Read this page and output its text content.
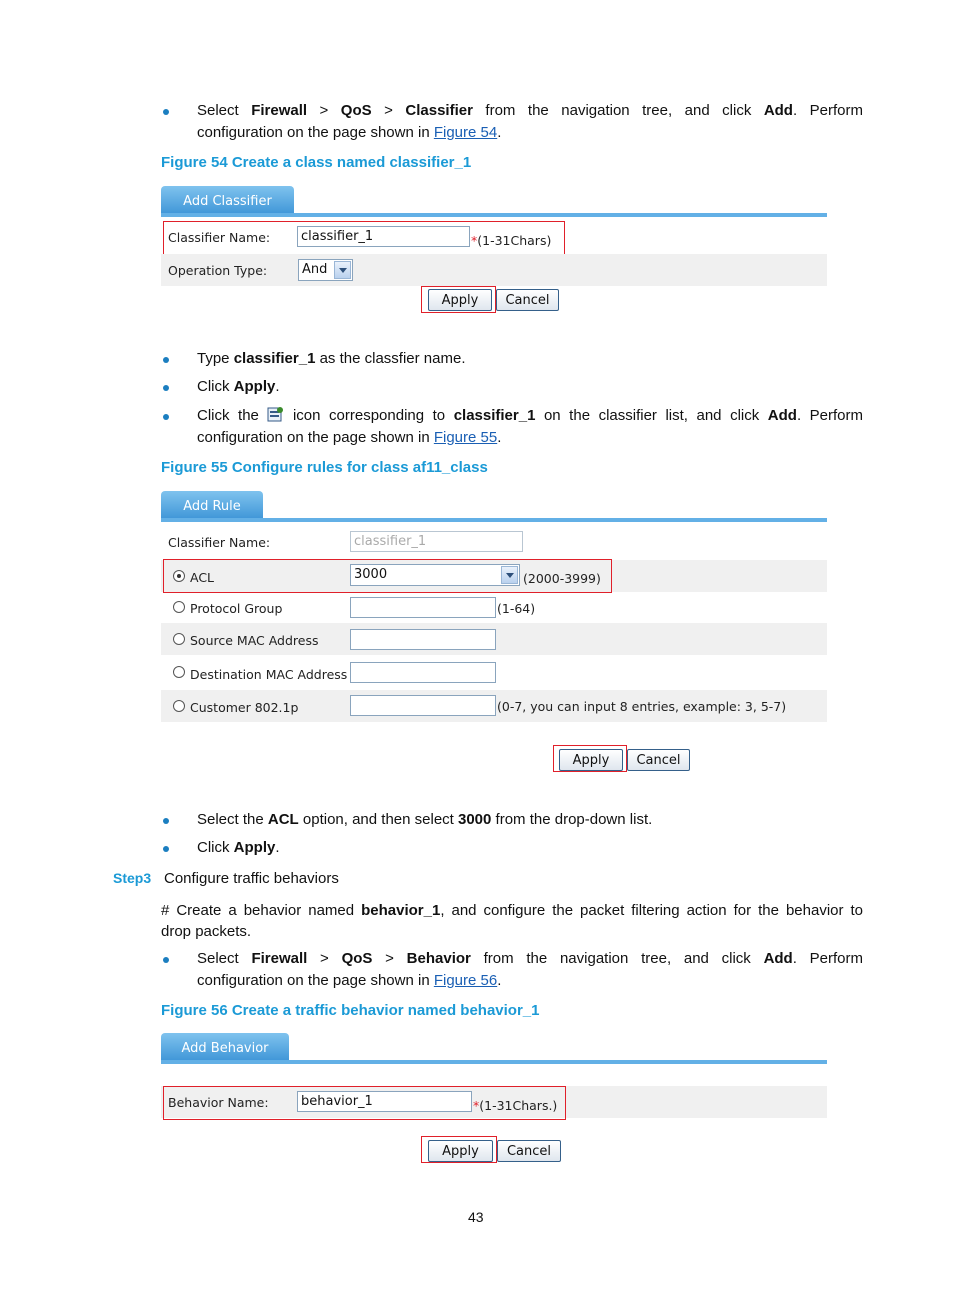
Select Firewall > QoS > Classifier from the navigation tree, and click Add. Perform
configuration on the page shown in Figure 54.
Figure 54 Create a class named classifier_1
Add Classifier
Classifier Name:	classifier_1	*(1-31Chars)
Operation Type:	And
Apply	Cancel
Type classifier_1 as the classfier name.
Click Apply.
Click the  icon corresponding to classifier_1 on the classifier list, and click Add. Perform
configuration on the page shown in Figure 55.
Figure 55 Configure rules for class af11_class
Add Rule
Classifier Name:	classifier_1
ACL	3000	(2000-3999)
Protocol Group	(1-64)
Source MAC Address
Destination MAC Address
Customer 802.1p	(0-7, you can input 8 entries, example: 3, 5-7)
Apply	Cancel
Select the ACL option, and then select 3000 from the drop-down list.
Click Apply.
Step3 Configure traffic behaviors
# Create a behavior named behavior_1, and configure the packet filtering action for the behavior to
drop packets.
Select Firewall > QoS > Behavior from the navigation tree, and click Add. Perform
configuration on the page shown in Figure 56.
Figure 56 Create a traffic behavior named behavior_1
Add Behavior
Behavior Name:	behavior_1	*(1-31Chars.)
Apply	Cancel
43
